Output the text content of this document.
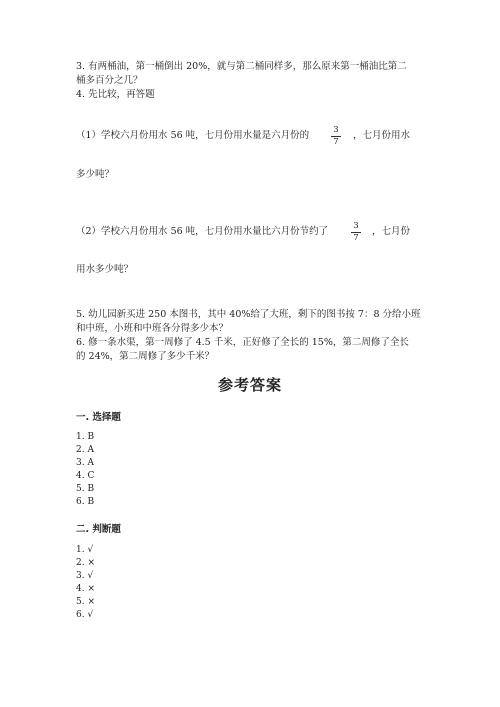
3. 有两桶油，第一桶倒出 20%，就与第二桶同样多，那么原来第一桶油比第二
桶多百分之几？
4. 先比较，再答题
（1）学校六月份用水 56 吨，七月份用水量是六月份的	3
7
，七月份用水
多少吨？
（2）学校六月份用水 56 吨，七月份用水量比六月份节约了	3
7
，七月份
用水多少吨？
5. 幼儿园新买进 250 本图书，其中 40%给了大班，剩下的图书按 7：8 分给小班
和中班，小班和中班各分得多少本？
6. 修一条水渠，第一周修了 4.5 千米，正好修了全长的 15%，第二周修了全长
的 24%，第二周修了多少千米？
参考答案
一. 选择题
1. B
2. A
3. A
4. C
5. B
6. B
二. 判断题
1. √
2. ×
3. √
4. ×
5. ×
6. √
